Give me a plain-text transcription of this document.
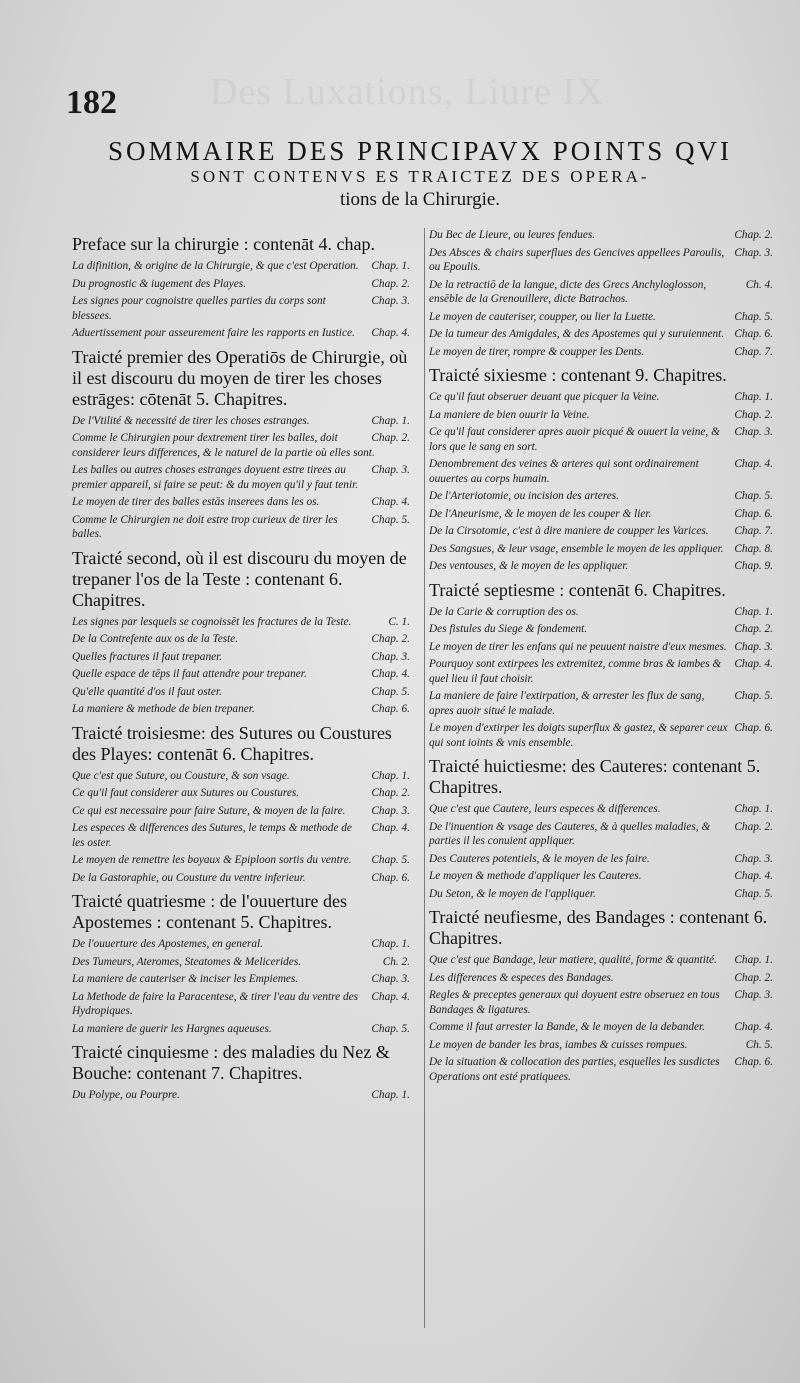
Des Luxations, Liure IX
182
SOMMAIRE DES PRINCIPAVX POINTS QVI
SONT CONTENVS ES TRAICTEZ DES OPERA-
tions de la Chirurgie.
Preface sur la chirurgie : contenāt 4. chap.
Chap. 1.
La difinition, & origine de la Chirurgie, & que c'est Operation.
Chap. 2.
Du prognostic & iugement des Playes.
Chap. 3.
Les signes pour cognoistre quelles parties du corps sont blessees.
Chap. 4.
Aduertissement pour asseurement faire les rapports en Iustice.
Traicté premier des Operatiōs de Chirurgie, où il est discouru du moyen de tirer les choses estrāges: cōtenāt 5. Chapitres.
Chap. 1.
De l'Vtilité & necessité de tirer les choses estranges.
Chap. 2.
Comme le Chirurgien pour dextrement tirer les balles, doit considerer leurs differences, & le naturel de la partie où elles sont.
Chap. 3.
Les balles ou autres choses estranges doyuent estre tirees au premier appareil, si faire se peut: & du moyen qu'il y faut tenir.
Chap. 4.
Le moyen de tirer des balles estās inserees dans les os.
Chap. 5.
Comme le Chirurgien ne doit estre trop curieux de tirer les balles.
Traicté second, où il est discouru du moyen de trepaner l'os de la Teste : contenant 6. Chapitres.
C. 1.
Les signes par lesquels se cognoissēt les fractures de la Teste.
Chap. 2.
De la Contrefente aux os de la Teste.
Chap. 3.
Quelles fractures il faut trepaner.
Chap. 4.
Quelle espace de tēps il faut attendre pour trepaner.
Chap. 5.
Qu'elle quantité d'os il faut oster.
Chap. 6.
La maniere & methode de bien trepaner.
Traicté troisiesme: des Sutures ou Coustures des Playes: contenāt 6. Chapitres.
Chap. 1.
Que c'est que Suture, ou Cousture, & son vsage.
Chap. 2.
Ce qu'il faut considerer aux Sutures ou Coustures.
Chap. 3.
Ce qui est necessaire pour faire Suture, & moyen de la faire.
Chap. 4.
Les especes & differences des Sutures, le temps & methode de les oster.
Chap. 5.
Le moyen de remettre les boyaux & Epiploon sortis du ventre.
Chap. 6.
De la Gastoraphie, ou Cousture du ventre inferieur.
Traicté quatriesme : de l'ouuerture des Apostemes : contenant 5. Chapitres.
Chap. 1.
De l'ouuerture des Apostemes, en general.
Ch. 2.
Des Tumeurs, Ateromes, Steatomes & Melicerides.
Chap. 3.
La maniere de cauteriser & inciser les Empiemes.
Chap. 4.
La Methode de faire la Paracentese, & tirer l'eau du ventre des Hydropiques.
Chap. 5.
La maniere de guerir les Hargnes aqueuses.
Traicté cinquiesme : des maladies du Nez & Bouche: contenant 7. Chapitres.
Chap. 1.
Du Polype, ou Pourpre.
Chap. 2.
Du Bec de Lieure, ou leures fendues.
Chap. 3.
Des Absces & chairs superflues des Gencives appellees Paroulis, ou Epoulis.
Ch. 4.
De la retractiō de la langue, dicte des Grecs Anchyloglosson, ensēble de la Grenouillere, dicte Batrachos.
Chap. 5.
Le moyen de cauteriser, coupper, ou lier la Luette.
Chap. 6.
De la tumeur des Amigdales, & des Apostemes qui y suruiennent.
Chap. 7.
Le moyen de tirer, rompre & coupper les Dents.
Traicté sixiesme : contenant 9. Chapitres.
Chap. 1.
Ce qu'il faut obseruer deuant que picquer la Veine.
Chap. 2.
La maniere de bien ouurir la Veine.
Chap. 3.
Ce qu'il faut considerer apres auoir picqué & ouuert la veine, & lors que le sang en sort.
Chap. 4.
Denombrement des veines & arteres qui sont ordinairement ouuertes au corps humain.
Chap. 5.
De l'Arteriotomie, ou incision des arteres.
Chap. 6.
De l'Aneurisme, & le moyen de les couper & lier.
Chap. 7.
De la Cirsotomie, c'est à dire maniere de coupper les Varices.
Chap. 8.
Des Sangsues, & leur vsage, ensemble le moyen de les appliquer.
Chap. 9.
Des ventouses, & le moyen de les appliquer.
Traicté septiesme : contenāt 6. Chapitres.
Chap. 1.
De la Carie & corruption des os.
Chap. 2.
Des fistules du Siege & fondement.
Chap. 3.
Le moyen de tirer les enfans qui ne peuuent naistre d'eux mesmes.
Chap. 4.
Pourquoy sont extirpees les extremitez, comme bras & iambes & quel lieu il faut choisir.
Chap. 5.
La maniere de faire l'extirpation, & arrester les flux de sang, apres auoir situé le malade.
Chap. 6.
Le moyen d'extirper les doigts superflux & gastez, & separer ceux qui sont ioints & vnis ensemble.
Traicté huictiesme: des Cauteres: contenant 5. Chapitres.
Chap. 1.
Que c'est que Cautere, leurs especes & differences.
Chap. 2.
De l'inuention & vsage des Cauteres, & à quelles maladies, & parties il les conuient appliquer.
Chap. 3.
Des Cauteres potentiels, & le moyen de les faire.
Chap. 4.
Le moyen & methode d'appliquer les Cauteres.
Chap. 5.
Du Seton, & le moyen de l'appliquer.
Traicté neufiesme, des Bandages : contenant 6. Chapitres.
Chap. 1.
Que c'est que Bandage, leur matiere, qualité, forme & quantité.
Chap. 2.
Les differences & especes des Bandages.
Chap. 3.
Regles & preceptes generaux qui doyuent estre obseruez en tous Bandages & ligatures.
Chap. 4.
Comme il faut arrester la Bande, & le moyen de la debander.
Ch. 5.
Le moyen de bander les bras, iambes & cuisses rompues.
Chap. 6.
De la situation & collocation des parties, esquelles les susdictes Operations ont esté pratiquees.
